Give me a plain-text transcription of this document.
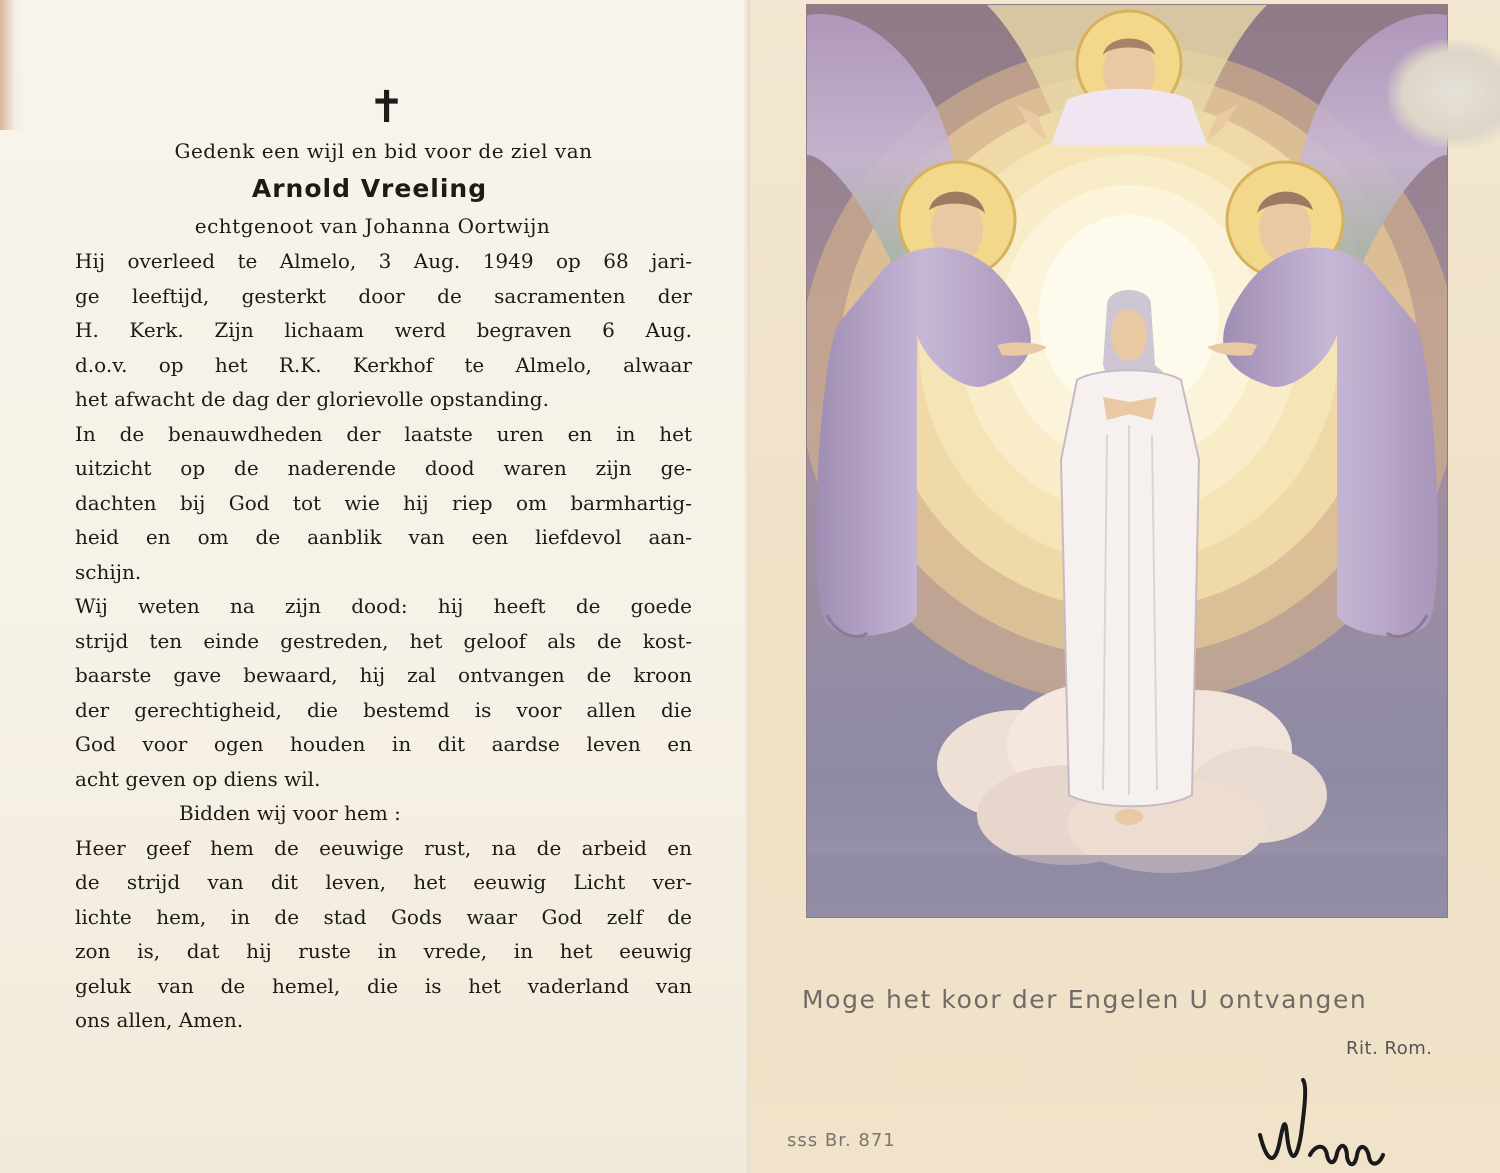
✝
Gedenk een wijl en bid voor de ziel van
Arnold Vreeling
echtgenoot van Johanna Oortwijn
Hij overleed te Almelo, 3 Aug. 1949 op 68 jari-
ge leeftijd, gesterkt door de sacramenten der
H. Kerk. Zijn lichaam werd begraven 6 Aug.
d.o.v. op het R.K. Kerkhof te Almelo, alwaar
het afwacht de dag der glorievolle opstanding.
In de benauwdheden der laatste uren en in het
uitzicht op de naderende dood waren zijn ge-
dachten bij God tot wie hij riep om barmhartig-
heid en om de aanblik van een liefdevol aan-
schijn.
Wij weten na zijn dood: hij heeft de goede
strijd ten einde gestreden, het geloof als de kost-
baarste gave bewaard, hij zal ontvangen de kroon
der gerechtigheid, die bestemd is voor allen die
God voor ogen houden in dit aardse leven en
acht geven op diens wil.
Bidden wij voor hem :
Heer geef hem de eeuwige rust, na de arbeid en
de strijd van dit leven, het eeuwig Licht ver-
lichte hem, in de stad Gods waar God zelf de
zon is, dat hij ruste in vrede, in het eeuwig
geluk van de hemel, die is het vaderland van
ons allen, Amen.
Moge het koor der Engelen U ontvangen
Rit. Rom.
sss Br. 871
